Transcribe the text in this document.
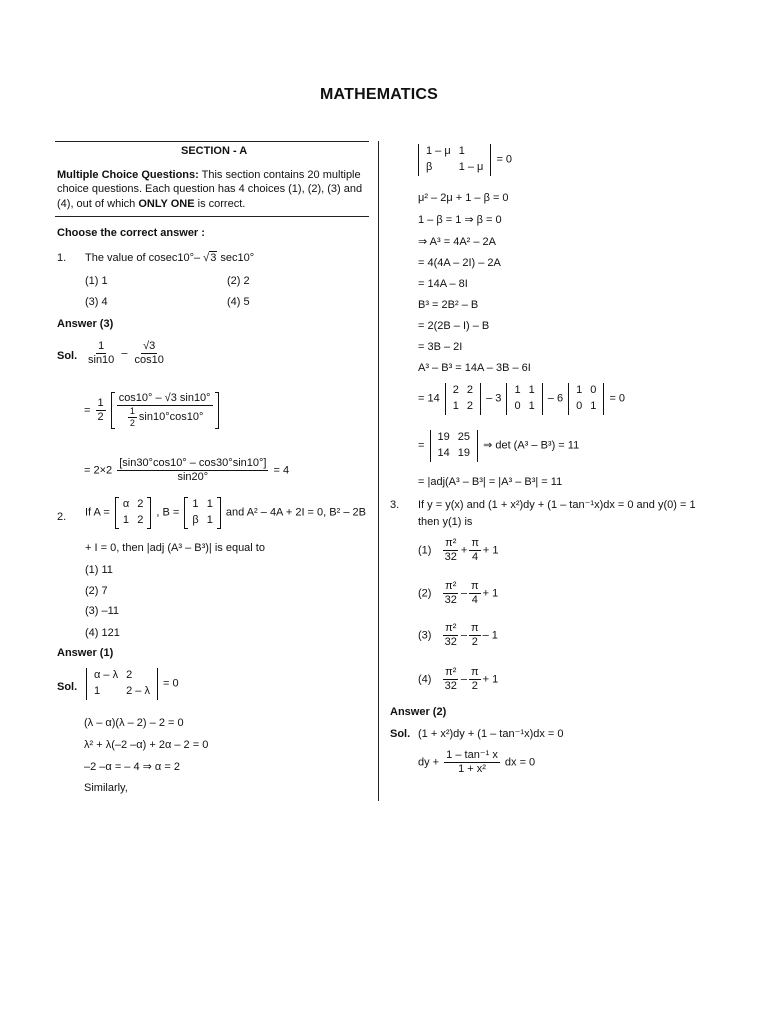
MATHEMATICS
SECTION - A
Multiple Choice Questions: This section contains 20 multiple choice questions. Each question has 4 choices (1), (2), (3) and (4), out of which ONLY ONE is correct.
Choose the correct answer :
1. The value of cosec10°– √3 sec10°
(1) 1	(2) 2
(3) 4	(4) 5
Answer (3)
Sol. $\frac{1}{\sin 10} - \frac{√3}{\cos 10}$
= $\frac{1}{2}$
$\frac{\cos 10^\circ - √3 \sin 10^\circ}{\frac{1}{2} \sin 10^\circ\cos 10^\circ}$
= $2\times 2 \frac{[\sin 30^\circ\cos 10^\circ - \cos 30^\circ\sin 10^\circ]}{\sin 20^\circ} = 4$
2. If A =
α	2
1	2
, B =
1	1
β	1
and A² – 4A + 2I = 0, B² – 2B
+ I = 0, then |adj (A³ – B³)| is equal to
(1) 11
(2) 7
(3) –11
(4) 121
Answer (1)
Sol.
α – λ	2
1	2 – λ
= 0
(λ – α)(λ – 2) – 2 = 0
λ² + λ(–2 –α) + 2α – 2 = 0
–2 –α = – 4 ⇒ α = 2
Similarly,
1 – μ	1
β	1 – μ
= 0
μ² – 2μ + 1 – β = 0
1 – β = 1 ⇒ β = 0
⇒ A³ = 4A² – 2A
= 4(4A – 2I) – 2A
= 14A – 8I
B³ = 2B² – B
= 2(2B – I) – B
= 3B – 2I
A³ – B³ = 14A – 3B – 6I
= 14
2	2
1	2
– 3
1	1
0	1
– 6
1	0
0	1
= 0
=
19	25
14	19
⇒ det (A³ – B³) = 11
= |adj(A³ – B³| = |A³ – B³| = 11
3. If y = y(x) and (1 + x²)dy + (1 – tan⁻¹x)dx = 0 and y(0) = 1
then y(1) is
$(1) \frac{\text{π²}}{32} + \frac{\pi}{4} + 1$
$(2) \frac{\text{π²}}{32} - \frac{\pi}{4} + 1$
$(3) \frac{\text{π²}}{32} - \frac{\pi}{2} - 1$
$(4) \frac{\text{π²}}{32} - \frac{\pi}{2} + 1$
Answer (2)
Sol. (1 + x²)dy + (1 – tan⁻¹x)dx = 0
dy + $\frac{\text{1 – tan⁻¹ x}}{\text{1 + x²}}$ dx = 0
